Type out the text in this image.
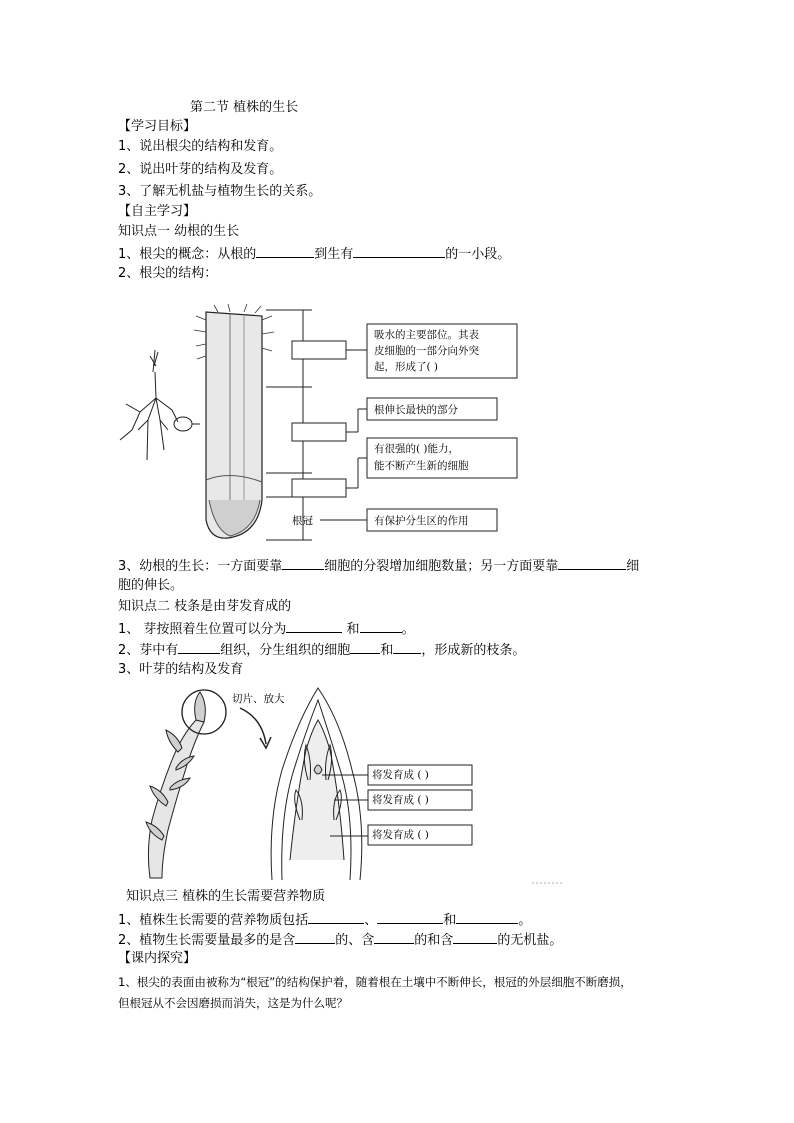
第二节 植株的生长
【学习目标】
1、说出根尖的结构和发育。
2、说出叶芽的结构及发育。
3、了解无机盐与植物生长的关系。
【自主学习】
知识点一 幼根的生长
1、根尖的概念：从根的	到生有	的一小段。
2、根尖的结构：
吸水的主要部位。其表
皮细胞的一部分向外突
起，形成了( )
根伸长最快的部分
有很强的( )能力，
能不断产生新的细胞
根冠	有保护分生区的作用
3、幼根的生长：一方面要靠	细胞的分裂增加细胞数量；另一方面要靠	细
胞的伸长。
知识点二 枝条是由芽发育成的
1、 芽按照着生位置可以分为	和	。
2、芽中有	组织，分生组织的细胞 和 ，形成新的枝条。
3、叶芽的结构及发育
切片、放大
将发育成 ( )
将发育成 ( )
将发育成 ( )
知识点三 植株的生长需要营养物质
1、植株生长需要的营养物质包括	、	和	。
2、植物生长需要量最多的是含	的、含	的和含	的无机盐。
【课内探究】
1、根尖的表面由被称为“根冠”的结构保护着，随着根在土壤中不断伸长，根冠的外层细胞不断磨损，
但根冠从不会因磨损而消失，这是为什么呢？
